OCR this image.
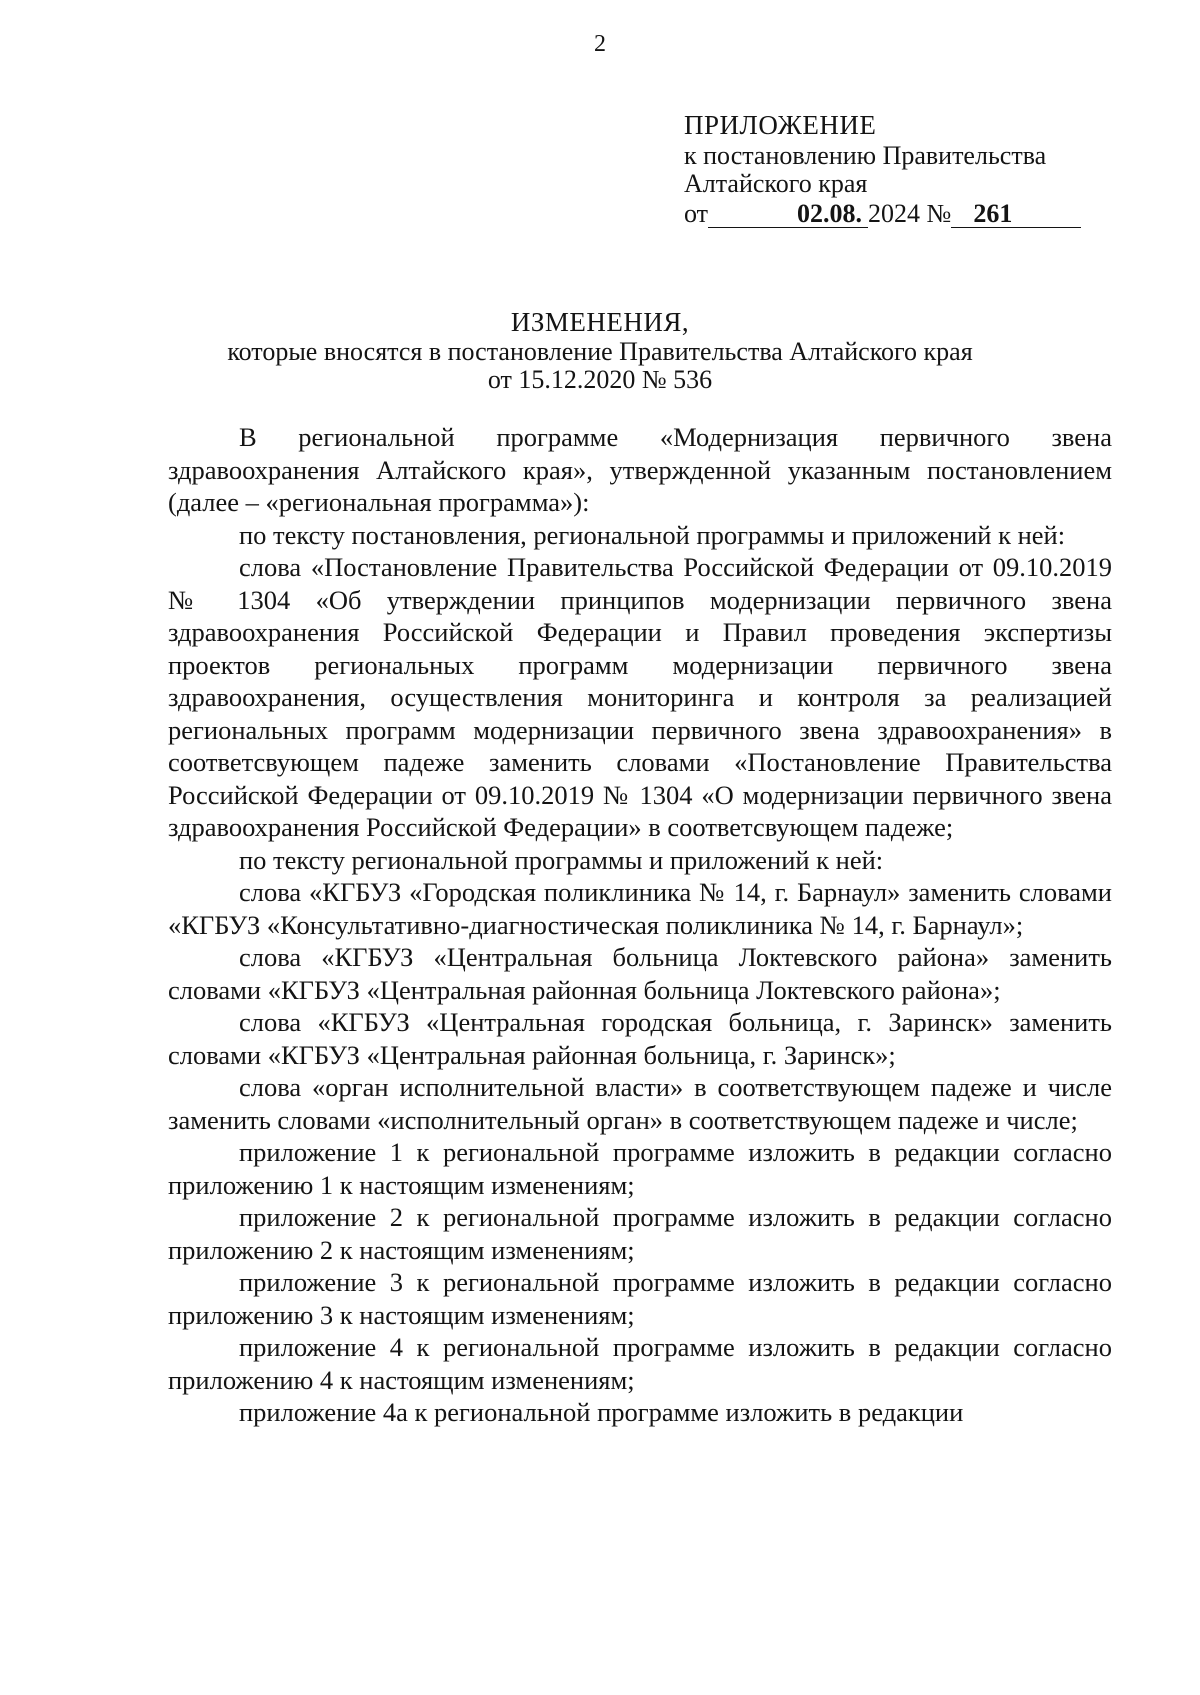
2
ПРИЛОЖЕНИЕ
к постановлению Правительства
Алтайского края
от	02.08. 2024 № 261
ИЗМЕНЕНИЯ,
которые вносятся в постановление Правительства Алтайского края
от 15.12.2020 № 536

В региональной программе «Модернизация первичного звена здравоохранения Алтайского края», утвержденной указанным постановлением (далее – «региональная программа»):

по тексту постановления, региональной программы и приложений к ней:

слова «Постановление Правительства Российской Федерации от 09.10.2019 № 1304 «Об утверждении принципов модернизации первичного звена здравоохранения Российской Федерации и Правил проведения экспертизы проектов региональных программ модернизации первичного звена здравоохранения, осуществления мониторинга и контроля за реализацией региональных программ модернизации первичного звена здравоохранения» в соответсвующем падеже заменить словами «Постановление Правительства Российской Федерации от 09.10.2019 № 1304 «О модернизации первичного звена здравоохранения Российской Федерации» в соответсвующем падеже;

по тексту региональной программы и приложений к ней:

слова «КГБУЗ «Городская поликлиника № 14, г. Барнаул» заменить словами «КГБУЗ «Консультативно-диагностическая поликлиника № 14, г. Барнаул»;

слова «КГБУЗ «Центральная больница Локтевского района» заменить словами «КГБУЗ «Центральная районная больница Локтевского района»;

слова «КГБУЗ «Центральная городская больница, г. Заринск» заменить словами «КГБУЗ «Центральная районная больница, г. Заринск»;

слова «орган исполнительной власти» в соответствующем падеже и числе заменить словами «исполнительный орган» в соответствующем падеже и числе;

приложение 1 к региональной программе изложить в редакции согласно приложению 1 к настоящим изменениям;

приложение 2 к региональной программе изложить в редакции согласно приложению 2 к настоящим изменениям;

приложение 3 к региональной программе изложить в редакции согласно приложению 3 к настоящим изменениям;

приложение 4 к региональной программе изложить в редакции согласно приложению 4 к настоящим изменениям;

приложение 4а к региональной программе изложить в редакции
